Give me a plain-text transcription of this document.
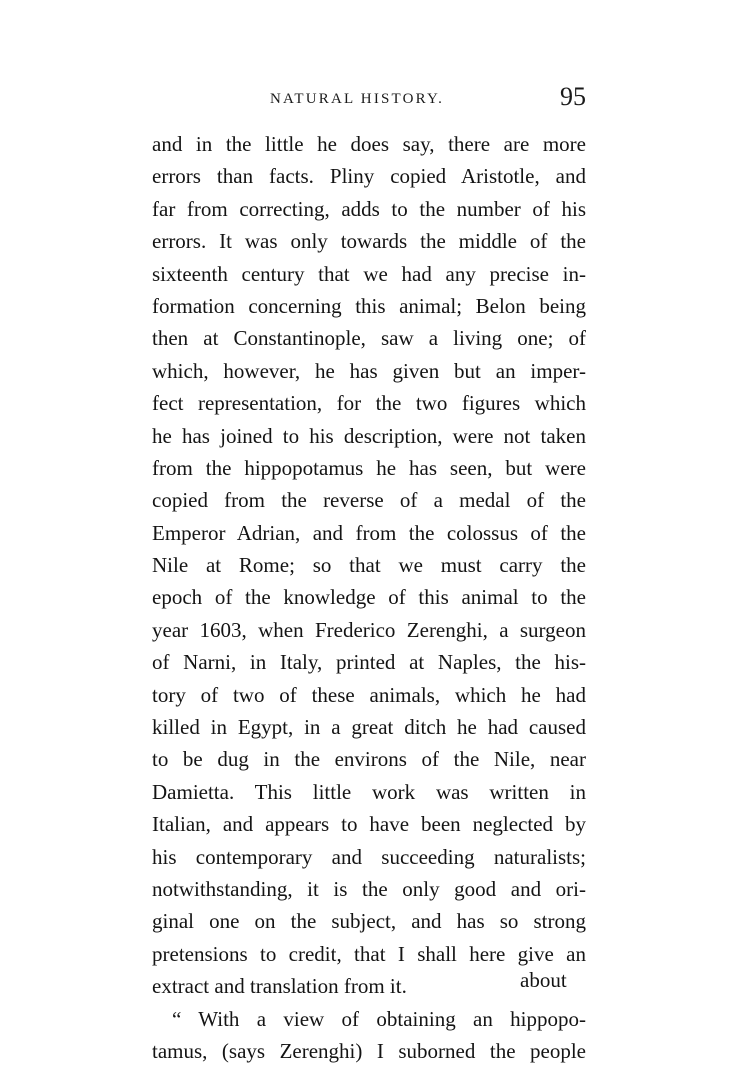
NATURAL HISTORY.	95
and in the little he does say, there are more
errors than facts. Pliny copied Aristotle, and
far from correcting, adds to the number of his
errors. It was only towards the middle of the
sixteenth century that we had any precise in-
formation concerning this animal; Belon being
then at Constantinople, saw a living one; of
which, however, he has given but an imper-
fect representation, for the two figures which
he has joined to his description, were not taken
from the hippopotamus he has seen, but were
copied from the reverse of a medal of the
Emperor Adrian, and from the colossus of the
Nile at Rome; so that we must carry the
epoch of the knowledge of this animal to the
year 1603, when Frederico Zerenghi, a surgeon
of Narni, in Italy, printed at Naples, the his-
tory of two of these animals, which he had
killed in Egypt, in a great ditch he had caused
to be dug in the environs of the Nile, near
Damietta. This little work was written in
Italian, and appears to have been neglected by
his contemporary and succeeding naturalists;
notwithstanding, it is the only good and ori-
ginal one on the subject, and has so strong
pretensions to credit, that I shall here give an
extract and translation from it.
“ With a view of obtaining an hippopo-
tamus, (says Zerenghi) I suborned the people
about
